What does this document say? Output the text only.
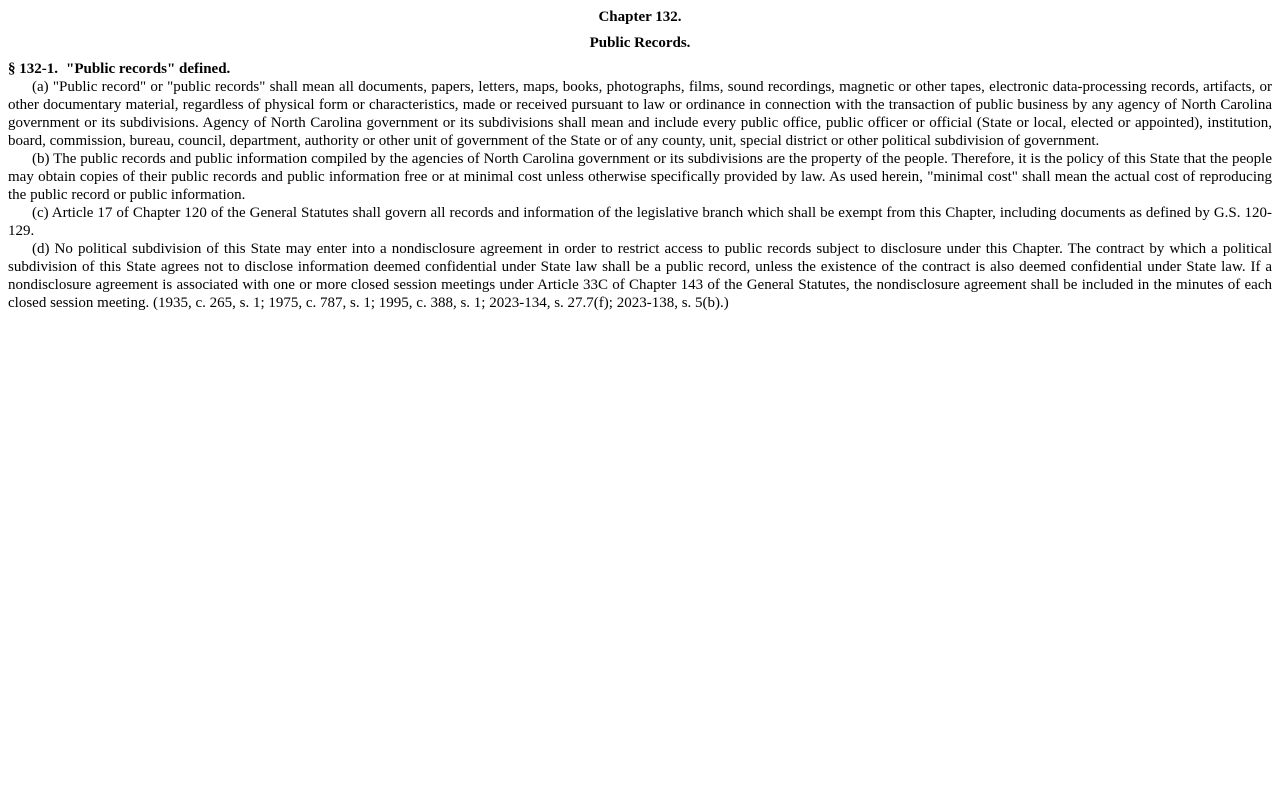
Chapter 132.
Public Records.
§ 132-1. "Public records" defined.

(a) "Public record" or "public records" shall mean all documents, papers, letters, maps, books, photographs, films, sound recordings, magnetic or other tapes, electronic data-processing records, artifacts, or other documentary material, regardless of physical form or characteristics, made or received pursuant to law or ordinance in connection with the transaction of public business by any agency of North Carolina government or its subdivisions. Agency of North Carolina government or its subdivisions shall mean and include every public office, public officer or official (State or local, elected or appointed), institution, board, commission, bureau, council, department, authority or other unit of government of the State or of any county, unit, special district or other political subdivision of government.

(b) The public records and public information compiled by the agencies of North Carolina government or its subdivisions are the property of the people. Therefore, it is the policy of this State that the people may obtain copies of their public records and public information free or at minimal cost unless otherwise specifically provided by law. As used herein, "minimal cost" shall mean the actual cost of reproducing the public record or public information.

(c) Article 17 of Chapter 120 of the General Statutes shall govern all records and information of the legislative branch which shall be exempt from this Chapter, including documents as defined by G.S. 120-129.

(d) No political subdivision of this State may enter into a nondisclosure agreement in order to restrict access to public records subject to disclosure under this Chapter. The contract by which a political subdivision of this State agrees not to disclose information deemed confidential under State law shall be a public record, unless the existence of the contract is also deemed confidential under State law. If a nondisclosure agreement is associated with one or more closed session meetings under Article 33C of Chapter 143 of the General Statutes, the nondisclosure agreement shall be included in the minutes of each closed session meeting. (1935, c. 265, s. 1; 1975, c. 787, s. 1; 1995, c. 388, s. 1; 2023-134, s. 27.7(f); 2023-138, s. 5(b).)
